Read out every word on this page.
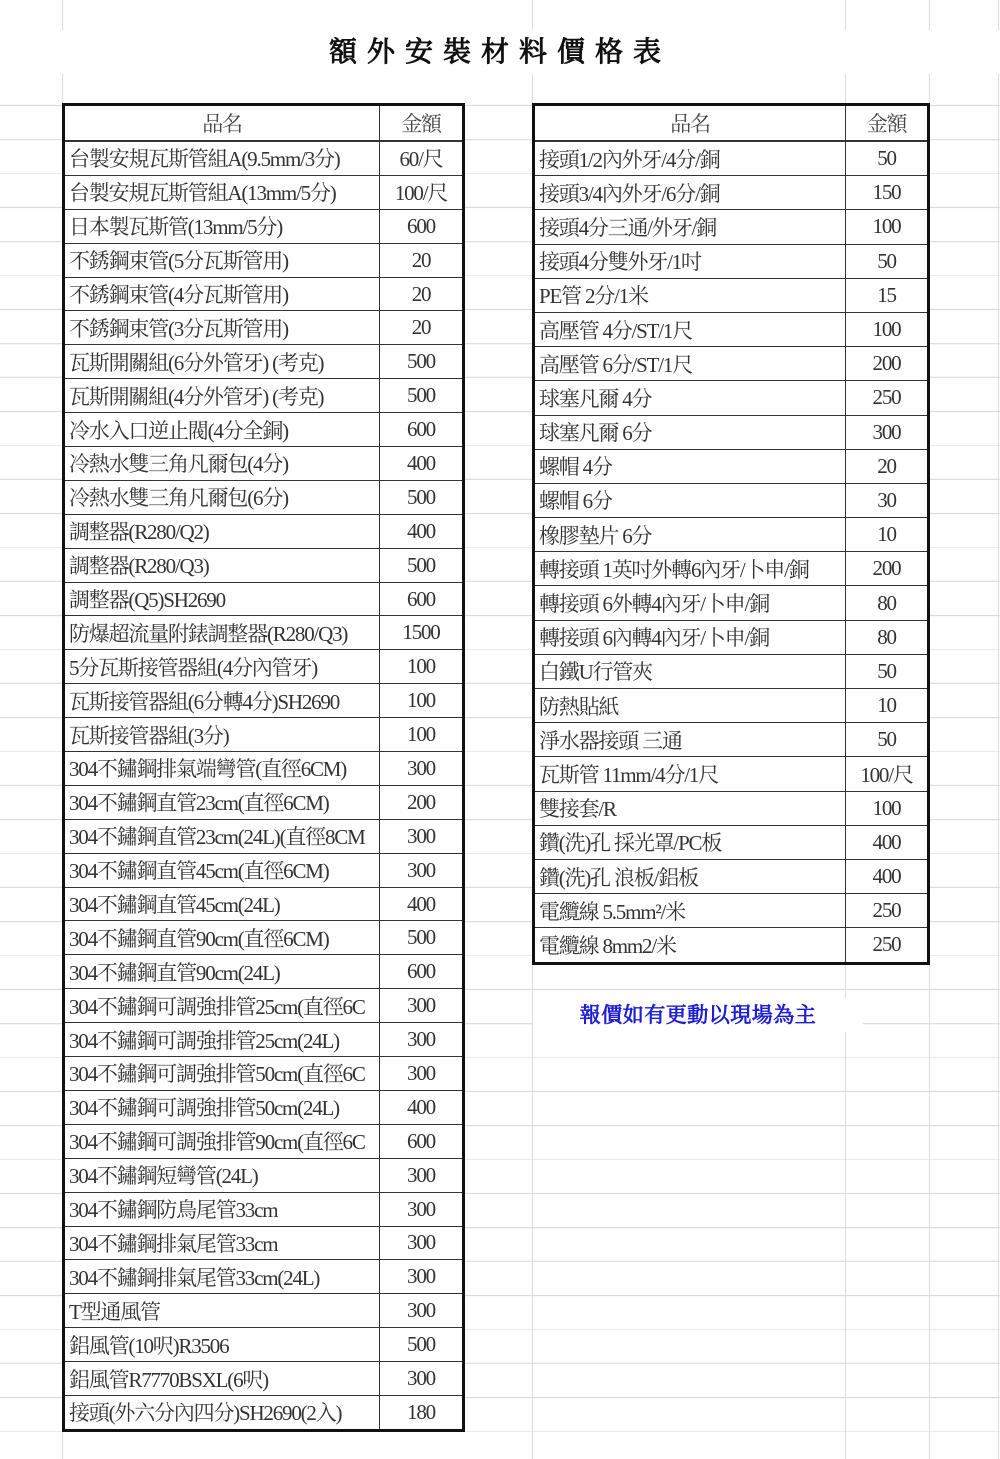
額外安裝材料價格表
品名	金額
台製安規瓦斯管組A(9.5mm/3分)	60/尺
台製安規瓦斯管組A(13mm/5分)	100/尺
日本製瓦斯管(13mm/5分)	600
不銹鋼束管(5分瓦斯管用)	20
不銹鋼束管(4分瓦斯管用)	20
不銹鋼束管(3分瓦斯管用)	20
瓦斯開關組(6分外管牙) (考克)	500
瓦斯開關組(4分外管牙) (考克)	500
冷水入口逆止閥(4分全銅)	600
冷熱水雙三角凡爾包(4分)	400
冷熱水雙三角凡爾包(6分)	500
調整器(R280/Q2)	400
調整器(R280/Q3)	500
調整器(Q5)SH2690	600
防爆超流量附錶調整器(R280/Q3)	1500
5分瓦斯接管器組(4分內管牙)	100
瓦斯接管器組(6分轉4分)SH2690	100
瓦斯接管器組(3分)	100
304不鏽鋼排氣端彎管(直徑6CM)	300
304不鏽鋼直管23cm(直徑6CM)	200
304不鏽鋼直管23cm(24L)(直徑8CM	300
304不鏽鋼直管45cm(直徑6CM)	300
304不鏽鋼直管45cm(24L)	400
304不鏽鋼直管90cm(直徑6CM)	500
304不鏽鋼直管90cm(24L)	600
304不鏽鋼可調強排管25cm(直徑6C	300
304不鏽鋼可調強排管25cm(24L)	300
304不鏽鋼可調強排管50cm(直徑6C	300
304不鏽鋼可調強排管50cm(24L)	400
304不鏽鋼可調強排管90cm(直徑6C	600
304不鏽鋼短彎管(24L)	300
304不鏽鋼防鳥尾管33cm	300
304不鏽鋼排氣尾管33cm	300
304不鏽鋼排氣尾管33cm(24L)	300
T型通風管	300
鋁風管(10呎)R3506	500
鋁風管R7770BSXL(6呎)	300
接頭(外六分內四分)SH2690(2入)	180
品名	金額
接頭1/2內外牙/4分/銅	50
接頭3/4內外牙/6分/銅	150
接頭4分三通/外牙/銅	100
接頭4分雙外牙/1吋	50
PE管 2分/1米	15
高壓管 4分/ST/1尺	100
高壓管 6分/ST/1尺	200
球塞凡爾 4分	250
球塞凡爾 6分	300
螺帽 4分	20
螺帽 6分	30
橡膠墊片 6分	10
轉接頭 1英吋外轉6內牙/卜申/銅	200
轉接頭 6外轉4內牙/卜申/銅	80
轉接頭 6內轉4內牙/卜申/銅	80
白鐵U行管夾	50
防熱貼紙	10
淨水器接頭 三通	50
瓦斯管 11mm/4分/1尺	100/尺
雙接套/R	100
鑽(洗)孔 採光罩/PC板	400
鑽(洗)孔 浪板/鋁板	400
電纜線 5.5mm²/米	250
電纜線 8mm2/米	250
報價如有更動以現場為主
